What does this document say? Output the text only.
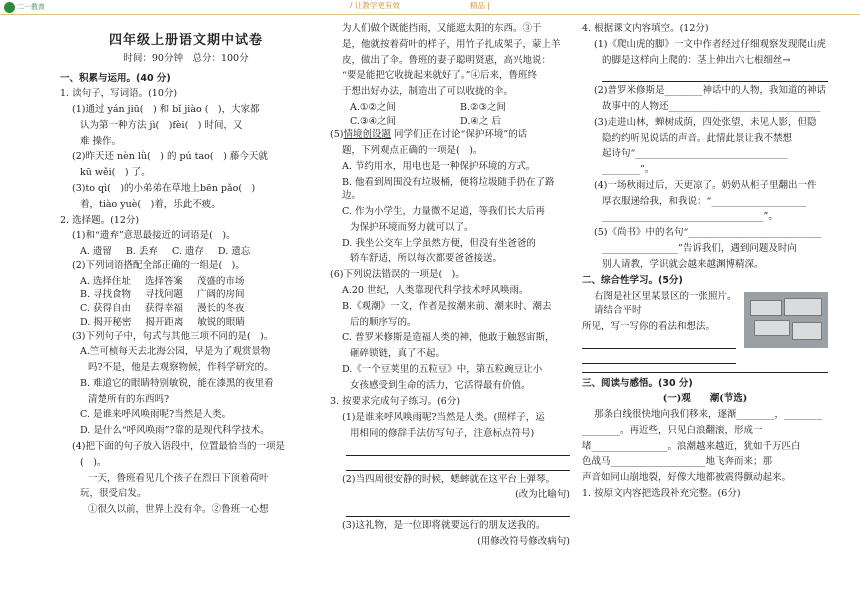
二一教育	/ 让教学更有效	精品 |
四年级上册语文期中试卷
时间：90分钟　总分：100分
一、积累与运用。(40 分)
1. 读句子，写词语。(10分)
(1)通过 yán jiū(　) 和 bǐ jiào (　)，大家都
认为第一种方法 jì(　)fèi(　) 时间，又
难 操作。
(2)昨天还 nèn lǜ(　) 的 pú tao(　) 藤今天就
kū wěi(　) 了。
(3)to qì(　)的小弟弟在草地上bēn pǎo(　)
着，tiào yuè(　)着，乐此不疲。
2. 选择题。(12分)
(1)和“遗弃”意思最接近的词语是(　)。
A. 遗留 B. 丢弃 C. 遗存 D. 遗忘
(2)下列词语搭配全部正确的一组是(　)。
A. 选择住址 选择答案 茂盛的市场
B. 寻找食物 寻找问题 广阔的房间
C. 获得自由 获得幸福 漫长的冬夜
D. 揭开秘密 揭开距离 敏锐的眼睛
(3)下列句子中，句式与其他三项不同的是(　)。
A.竺可桢每天去北海公园，早是为了观赏景物
吗?不是，他是去观察物候，作科学研究的。
B. 难道它的眼睛特别敏锐，能在漆黑的夜里看
清楚所有的东西吗?
C. 是谁来呼风唤雨呢?当然是人类。
D. 是什么“呼风唤雨”?靠的是现代科学技术。
(4)把下面的句子放入语段中，位置最恰当的一项是
(　)。
一天，鲁班看见几个孩子在烈日下顶着荷叶
玩，很受启发。
①很久以前，世界上没有伞。②鲁班一心想
为人们做个既能挡雨，又能遮太阳的东西。③于
是，他就按着荷叶的样子，用竹子扎成架子，蒙上羊
皮，做出了伞。鲁班的妻子聪明贤惠，高兴地说：
“要是能把它收拢起来就好了。”④后来，鲁班终
于想出好办法，制造出了可以收拢的伞。
A.①②之间	B.②③之间
C.③④之间	D.④之 后
(5)情境创设题 同学们正在讨论“保护环境”的话
题，下列观点正确的一项是(　)。
A. 节约用水，用电也是一种保护环境的方式。
B. 他看到周围没有垃圾桶，便将垃圾随手扔在了路边。
C. 作为小学生，力量微不足道，等我们长大后再
为保护环境而努力就可以了。
D. 我坐公交车上学虽然方便，但没有坐爸爸的
轿车舒适，所以每次都要爸爸接送。
(6)下列说法错误的一项是(　)。
A.20 世纪，人类靠现代科学技术呼风唤雨。
B.《观潮》一文，作者是按潮来前、潮来时、潮去
后的顺序写的。
C. 普罗米修斯是造福人类的神，他敢于触怒宙斯，
砸碎锁链，真了不起。
D.《一个豆荚里的五粒豆》中，第五粒豌豆让小
女孩感受到生命的活力，它活得最有价值。
3. 按要求完成句子练习。(6分)
(1)是谁来呼风唤雨呢?当然是人类。(照样子，运
用相同的修辞手法仿写句子，注意标点符号)
(2)当四周很安静的时候，蟋蟀就在这平台上弹琴。
(改为比喻句)
(3)这礼物，是一位即将就要远行的朋友送我的。
(用修改符号修改病句)
4. 根据课文内容填空。(12分)
(1)《爬山虎的脚》一文中作者经过仔细观察发现爬山虎
的脚是这样向上爬的：茎上伸出六七根细丝→
(2)普罗米修斯是________神话中的人物，我知道的神话
故事中的人物还________________________________
(3)走进山林，蝉树成荫，四处张望，未见人影，但隐
隐约约听见说话的声音。此情此景让我不禁想
起诗句“________________________________
________”。
(4)一场秋雨过后，天更凉了。奶奶从柜子里翻出一件
厚衣服递给我，和我说：“____________________
__________________________________”。
(5)《尚书》中的名句“____________________________
________________”告诉我们，遇到问题及时向
别人请教，学识就会越来越渊博精深。
二、综合性学习。(5分)
右图是社区里某景区的一张照片。请结合平时
所见，写一写你的看法和想法。
三、阅读与感悟。(30 分)
(一)观　　潮(节选)
那条白线很快地向我们移来，逐渐________，________
________。再近些，只见白浪翻滚，形成一
堵________________。浪潮越来越近，犹如千万匹白
色战马____________________地飞奔而来；那
声音如同山崩地裂，好像大地都被震得颤动起来。
1. 按原文内容把选段补充完整。(6分)
